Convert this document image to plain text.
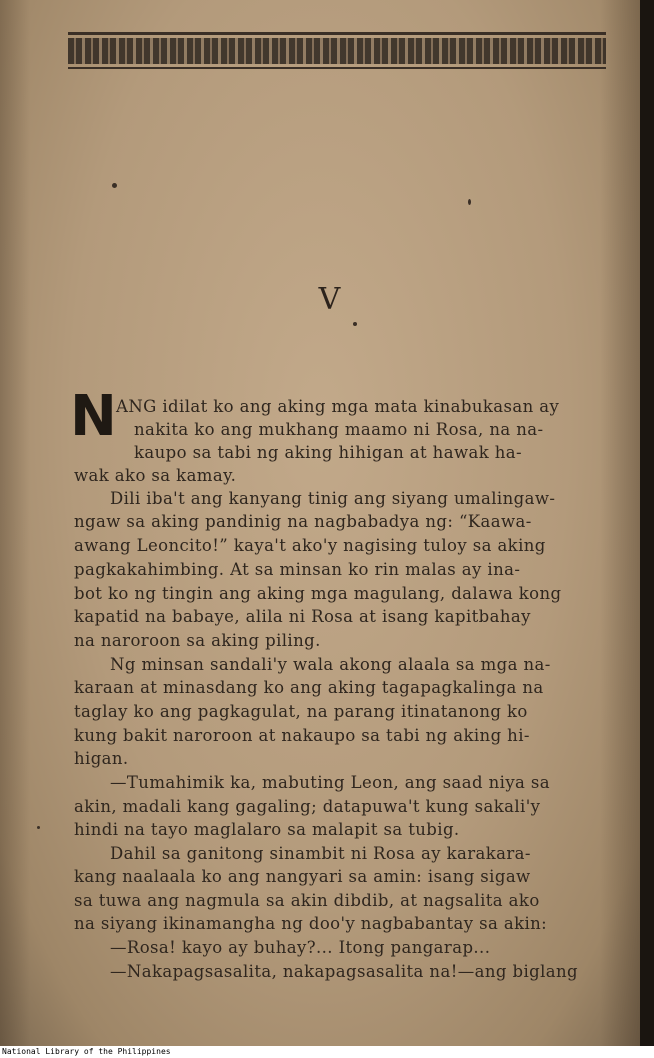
V
N ANG idilat ko ang aking mga mata kinabukasan ay
nakita ko ang mukhang maamo ni Rosa, na na-
kaupo sa tabi ng aking hihigan at hawak ha-
wak ako sa kamay.
Dili iba't ang kanyang tinig ang siyang umalingaw-
ngaw sa aking pandinig na nagbabadya ng: “Kaawa-
awang Leoncito!” kaya't ako'y nagising tuloy sa aking
pagkakahimbing. At sa minsan ko rin malas ay ina-
bot ko ng tingin ang aking mga magulang, dalawa kong
kapatid na babaye, alila ni Rosa at isang kapitbahay
na naroroon sa aking piling.
Ng minsan sandali'y wala akong alaala sa mga na-
karaan at minasdang ko ang aking tagapagkalinga na
taglay ko ang pagkagulat, na parang itinatanong ko
kung bakit naroroon at nakaupo sa tabi ng aking hi-
higan.
—Tumahimik ka, mabuting Leon, ang saad niya sa
akin, madali kang gagaling; datapuwa't kung sakali'y
hindi na tayo maglalaro sa malapit sa tubig.
Dahil sa ganitong sinambit ni Rosa ay karakara-
kang naalaala ko ang nangyari sa amin: isang sigaw
sa tuwa ang nagmula sa akin dibdib, at nagsalita ako
na siyang ikinamangha ng doo'y nagbabantay sa akin:
—Rosa! kayo ay buhay?... Itong pangarap...
—Nakapagsasalita, nakapagsasalita na!—ang biglang
National Library of the Philippines
